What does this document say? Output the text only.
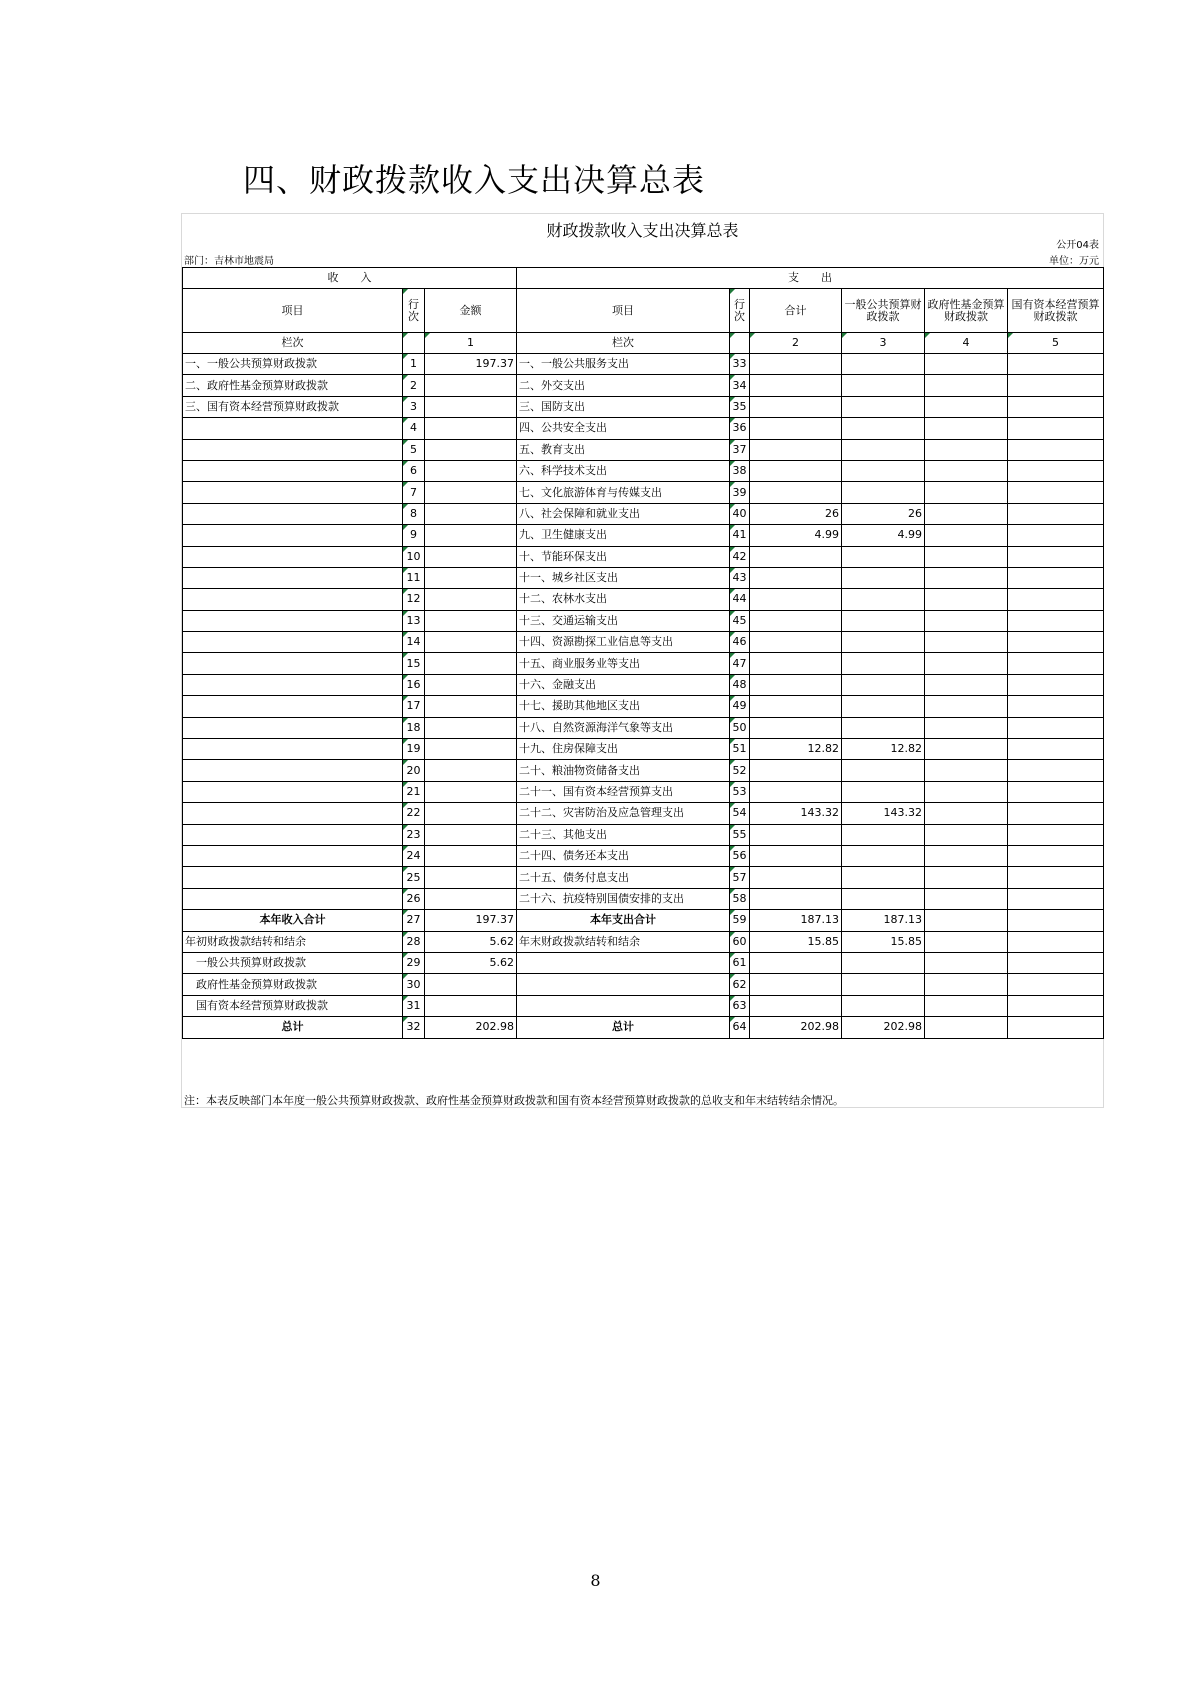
四、财政拨款收入支出决算总表
财政拨款收入支出决算总表
公开04表
部门：吉林市地震局	单位：万元
收　　入			支　　出					
项目	行次	金额	项目	行次	合计	一般公共预算财政拨款	政府性基金预算财政拨款	国有资本经营预算财政拨款
栏次		1	栏次		2	3	4	5
一、一般公共预算财政拨款	1	197.37	一、一般公共服务支出	33				
二、政府性基金预算财政拨款	2		二、外交支出	34				
三、国有资本经营预算财政拨款	3		三、国防支出	35				
	4		四、公共安全支出	36				
	5		五、教育支出	37				
	6		六、科学技术支出	38				
	7		七、文化旅游体育与传媒支出	39				
	8		八、社会保障和就业支出	40	26	26		
	9		九、卫生健康支出	41	4.99	4.99		
	10		十、节能环保支出	42				
	11		十一、城乡社区支出	43				
	12		十二、农林水支出	44				
	13		十三、交通运输支出	45				
	14		十四、资源勘探工业信息等支出	46				
	15		十五、商业服务业等支出	47				
	16		十六、金融支出	48				
	17		十七、援助其他地区支出	49				
	18		十八、自然资源海洋气象等支出	50				
	19		十九、住房保障支出	51	12.82	12.82		
	20		二十、粮油物资储备支出	52				
	21		二十一、国有资本经营预算支出	53				
	22		二十二、灾害防治及应急管理支出	54	143.32	143.32		
	23		二十三、其他支出	55				
	24		二十四、债务还本支出	56				
	25		二十五、债务付息支出	57				
	26		二十六、抗疫特别国债安排的支出	58				
本年收入合计	27	197.37	本年支出合计	59	187.13	187.13		
年初财政拨款结转和结余	28	5.62	年末财政拨款结转和结余	60	15.85	15.85		
　一般公共预算财政拨款	29	5.62		61				
　政府性基金预算财政拨款	30			62				
　国有资本经营预算财政拨款	31			63				
总计	32	202.98	总计	64	202.98	202.98		
注：本表反映部门本年度一般公共预算财政拨款、政府性基金预算财政拨款和国有资本经营预算财政拨款的总收支和年末结转结余情况。
8
